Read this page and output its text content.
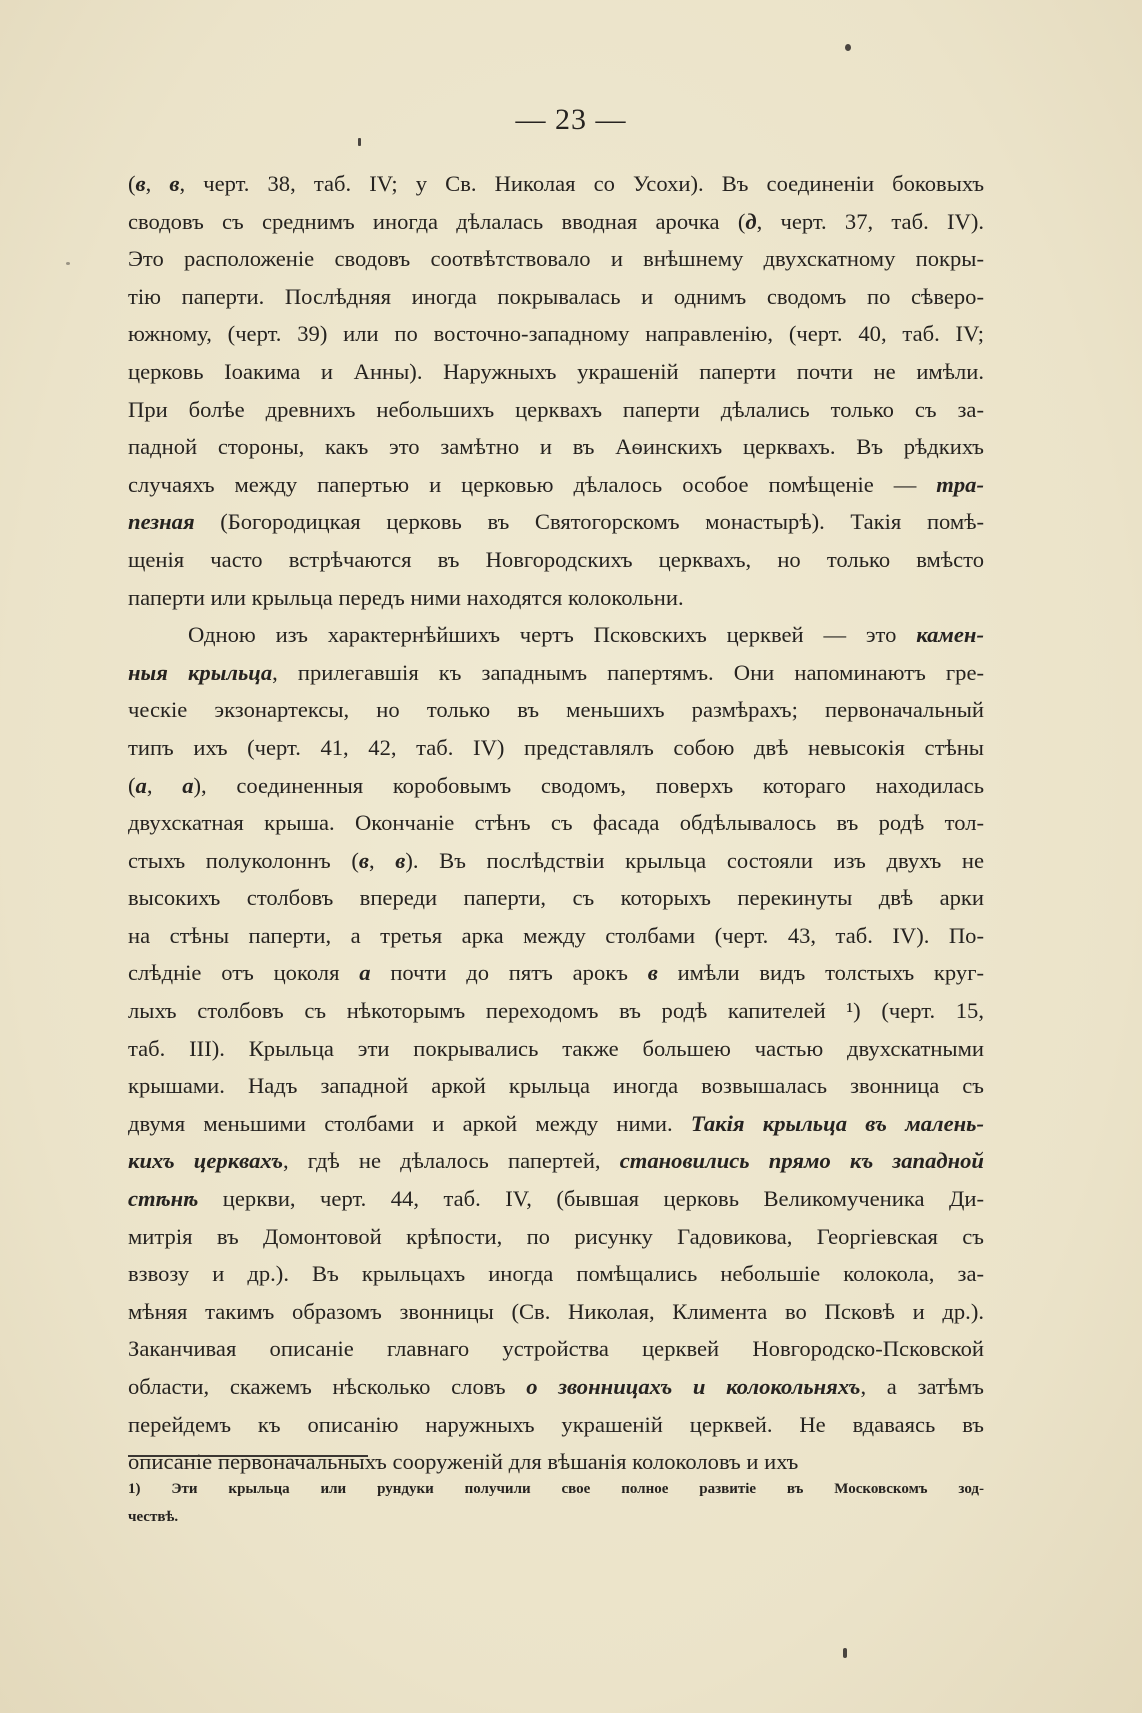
— 23 —
(в, в, черт. 38, таб. IV; у Св. Николая со Усохи). Въ соединеніи боковыхъ
сводовъ съ среднимъ иногда дѣлалась вводная арочка (д, черт. 37, таб. IV).
Это расположеніе сводовъ соотвѣтствовало и внѣшнему двухскатному покры-
тію паперти. Послѣдняя иногда покрывалась и однимъ сводомъ по сѣверо-
южному, (черт. 39) или по восточно-западному направленію, (черт. 40, таб. IV;
церковь Іоакима и Анны). Наружныхъ украшеній паперти почти не имѣли.
При болѣе древнихъ небольшихъ церквахъ паперти дѣлались только съ за-
падной стороны, какъ это замѣтно и въ Аѳинскихъ церквахъ. Въ рѣдкихъ
случаяхъ между папертью и церковью дѣлалось особое помѣщеніе — тра-
пезная (Богородицкая церковь въ Святогорскомъ монастырѣ). Такія помѣ-
щенія часто встрѣчаются въ Новгородскихъ церквахъ, но только вмѣсто
паперти или крыльца передъ ними находятся колокольни.
Одною изъ характернѣйшихъ чертъ Псковскихъ церквей — это камен-
ныя крыльца, прилегавшія къ западнымъ папертямъ. Они напоминаютъ гре-
ческіе экзонартексы, но только въ меньшихъ размѣрахъ; первоначальный
типъ ихъ (черт. 41, 42, таб. IV) представлялъ собою двѣ невысокія стѣны
(а, а), соединенныя коробовымъ сводомъ, поверхъ котораго находилась
двухскатная крыша. Окончаніе стѣнъ съ фасада обдѣлывалось въ родѣ тол-
стыхъ полуколоннъ (в, в). Въ послѣдствіи крыльца состояли изъ двухъ не
высокихъ столбовъ впереди паперти, съ которыхъ перекинуты двѣ арки
на стѣны паперти, а третья арка между столбами (черт. 43, таб. IV). По-
слѣдніе отъ цоколя а почти до пятъ арокъ в имѣли видъ толстыхъ круг-
лыхъ столбовъ съ нѣкоторымъ переходомъ въ родѣ капителей ¹) (черт. 15,
таб. III). Крыльца эти покрывались также большею частью двухскатными
крышами. Надъ западной аркой крыльца иногда возвышалась звонница съ
двумя меньшими столбами и аркой между ними. Такія крыльца въ малень-
кихъ церквахъ, гдѣ не дѣлалось папертей, становились прямо къ западной
стѣнѣ церкви, черт. 44, таб. IV, (бывшая церковь Великомученика Ди-
митрія въ Домонтовой крѣпости, по рисунку Гадовикова, Георгіевская съ
взвозу и др.). Въ крыльцахъ иногда помѣщались небольшіе колокола, за-
мѣняя такимъ образомъ звонницы (Св. Николая, Климента во Псковѣ и др.).
Заканчивая описаніе главнаго устройства церквей Новгородско-Псковской
области, скажемъ нѣсколько словъ о звонницахъ и колокольняхъ, а затѣмъ
перейдемъ къ описанію наружныхъ украшеній церквей. Не вдаваясь въ
описаніе первоначальныхъ сооруженій для вѣшанія колоколовъ и ихъ
1) Эти крыльца или рундуки получили свое полное развитіе въ Московскомъ зод-
чествѣ.
